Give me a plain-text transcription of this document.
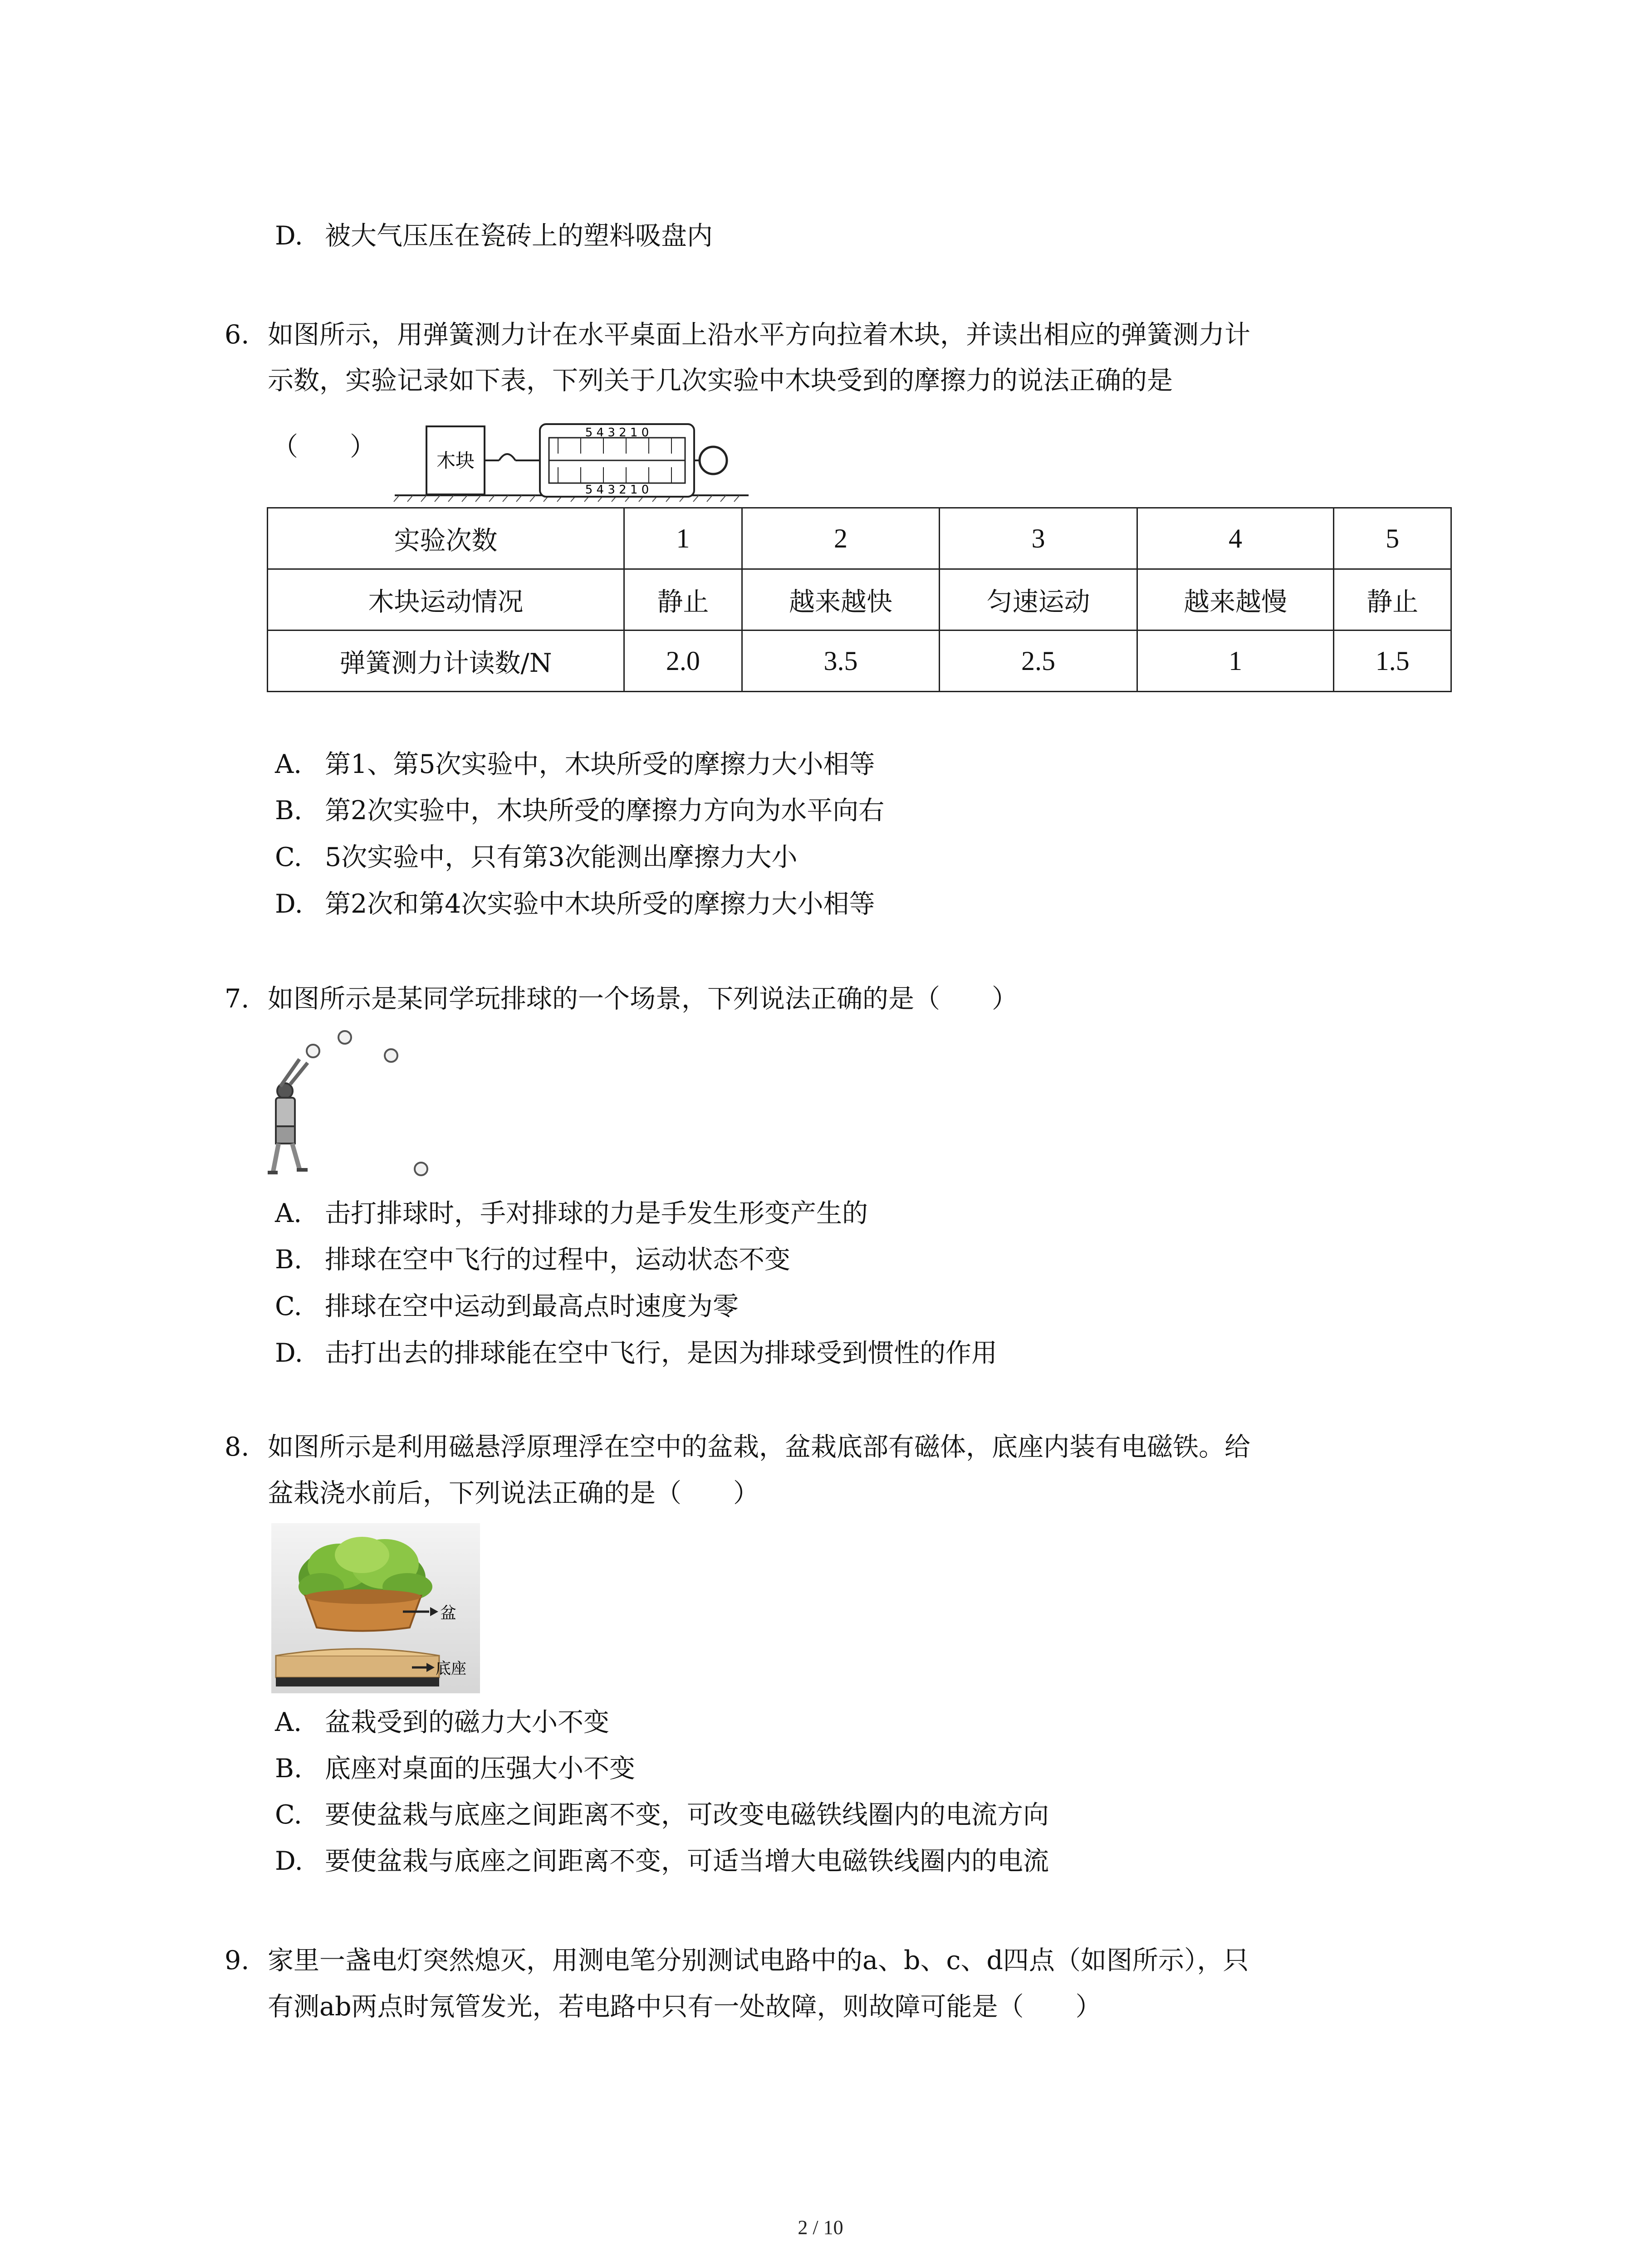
D. 被大气压压在瓷砖上的塑料吸盘内
6. 如图所示，用弹簧测力计在水平桌面上沿水平方向拉着木块，并读出相应的弹簧测力计
示数，实验记录如下表，下列关于几次实验中木块受到的摩擦力的说法正确的是
（　　）	木块
5 4 3 2 1 0
5 4 3 2 1 0
实验次数	1	2	3	4	5
木块运动情况	静止	越来越快	匀速运动	越来越慢	静止
弹簧测力计读数/N	2.0	3.5	2.5	1	1.5
A. 第1、第5次实验中，木块所受的摩擦力大小相等
B. 第2次实验中，木块所受的摩擦力方向为水平向右
C. 5次实验中，只有第3次能测出摩擦力大小
D. 第2次和第4次实验中木块所受的摩擦力大小相等
7. 如图所示是某同学玩排球的一个场景，下列说法正确的是（　　）
A. 击打排球时，手对排球的力是手发生形变产生的
B. 排球在空中飞行的过程中，运动状态不变
C. 排球在空中运动到最高点时速度为零
D. 击打出去的排球能在空中飞行，是因为排球受到惯性的作用
8. 如图所示是利用磁悬浮原理浮在空中的盆栽，盆栽底部有磁体，底座内装有电磁铁。给
盆栽浇水前后，下列说法正确的是（　　）
盆
底座
A. 盆栽受到的磁力大小不变
B. 底座对桌面的压强大小不变
C. 要使盆栽与底座之间距离不变，可改变电磁铁线圈内的电流方向
D. 要使盆栽与底座之间距离不变，可适当增大电磁铁线圈内的电流
9. 家里一盏电灯突然熄灭，用测电笔分别测试电路中的a、b、c、d四点（如图所示），只
有测ab两点时氖管发光，若电路中只有一处故障，则故障可能是（　　）
2 / 10
